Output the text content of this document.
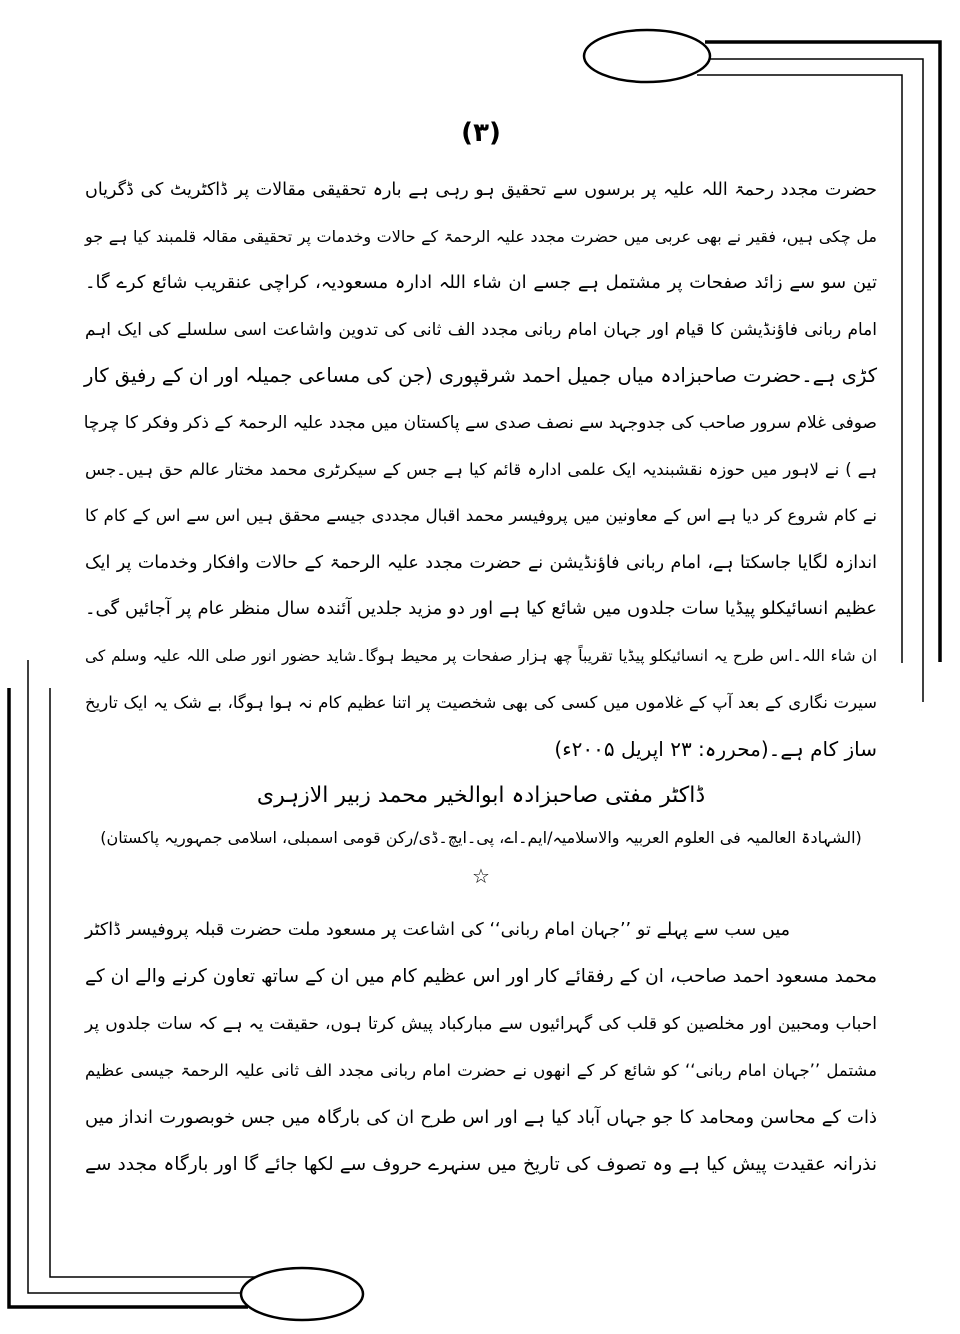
(۳)
حضرت مجدد رحمۃ اللہ علیہ پر برسوں سے تحقیق ہو رہی ہے بارہ تحقیقی مقالات پر ڈاکٹریٹ کی ڈگریاں
مل چکی ہیں، فقیر نے بھی عربی میں حضرت مجدد علیہ الرحمۃ کے حالات وخدمات پر تحقیقی مقالہ قلمبند کیا ہے جو
تین سو سے زائد صفحات پر مشتمل ہے جسے ان شاء اللہ ادارہ مسعودیہ، کراچی عنقریب شائع کرے گا۔
امام ربانی فاؤنڈیشن کا قیام اور جہان امام ربانی مجدد الف ثانی کی تدوین واشاعت اسی سلسلے کی ایک اہم
کڑی ہے۔حضرت صاحبزادہ میاں جمیل احمد شرقپوری (جن کی مساعی جمیلہ اور ان کے رفیق کار
صوفی غلام سرور صاحب کی جدوجہد سے نصف صدی سے پاکستان میں مجدد علیہ الرحمۃ کے ذکر وفکر کا چرچا
ہے ) نے لاہور میں حوزہ نقشبندیہ ایک علمی ادارہ قائم کیا ہے جس کے سیکرٹری محمد مختار عالم حق ہیں۔جس
نے کام شروع کر دیا ہے اس کے معاونین میں پروفیسر محمد اقبال مجددی جیسے محقق ہیں اس سے اس کے کام کا
اندازہ لگایا جاسکتا ہے، امام ربانی فاؤنڈیشن نے حضرت مجدد علیہ الرحمۃ کے حالات وافکار وخدمات پر ایک
عظیم انسائیکلو پیڈیا سات جلدوں میں شائع کیا ہے اور دو مزید جلدیں آئندہ سال منظر عام پر آجائیں گی۔
ان شاء اللہ۔اس طرح یہ انسائیکلو پیڈیا تقریباً چھ ہزار صفحات پر محیط ہوگا۔شاید حضور انور صلی اللہ علیہ وسلم کی
سیرت نگاری کے بعد آپ کے غلاموں میں کسی کی بھی شخصیت پر اتنا عظیم کام نہ ہوا ہوگا، بے شک یہ ایک تاریخ
ساز کام ہے۔(محررہ: ۲۳ اپریل ۲۰۰۵ء)
ڈاکٹر مفتی صاحبزادہ ابوالخیر محمد زبیر الازہری
(الشہادۃ العالمیہ فی العلوم العربیہ والاسلامیہ/ایم۔اے، پی۔ایچ۔ڈی/رکن قومی اسمبلی، اسلامی جمہوریہ پاکستان)
☆
میں سب سے پہلے تو ’’جہان امام ربانی‘‘ کی اشاعت پر مسعود ملت حضرت قبلہ پروفیسر ڈاکٹر
محمد مسعود احمد صاحب، ان کے رفقائے کار اور اس عظیم کام میں ان کے ساتھ تعاون کرنے والے ان کے
احباب ومحبین اور مخلصین کو قلب کی گہرائیوں سے مبارکباد پیش کرتا ہوں، حقیقت یہ ہے کہ سات جلدوں پر
مشتمل ’’جہان امام ربانی‘‘ کو شائع کر کے انھوں نے حضرت امام ربانی مجدد الف ثانی علیہ الرحمۃ جیسی عظیم
ذات کے محاسن ومحامد کا جو جہاں آباد کیا ہے اور اس طرح ان کی بارگاہ میں جس خوبصورت انداز میں
نذرانہ عقیدت پیش کیا ہے وہ تصوف کی تاریخ میں سنہرے حروف سے لکھا جائے گا اور بارگاہ مجدد سے
